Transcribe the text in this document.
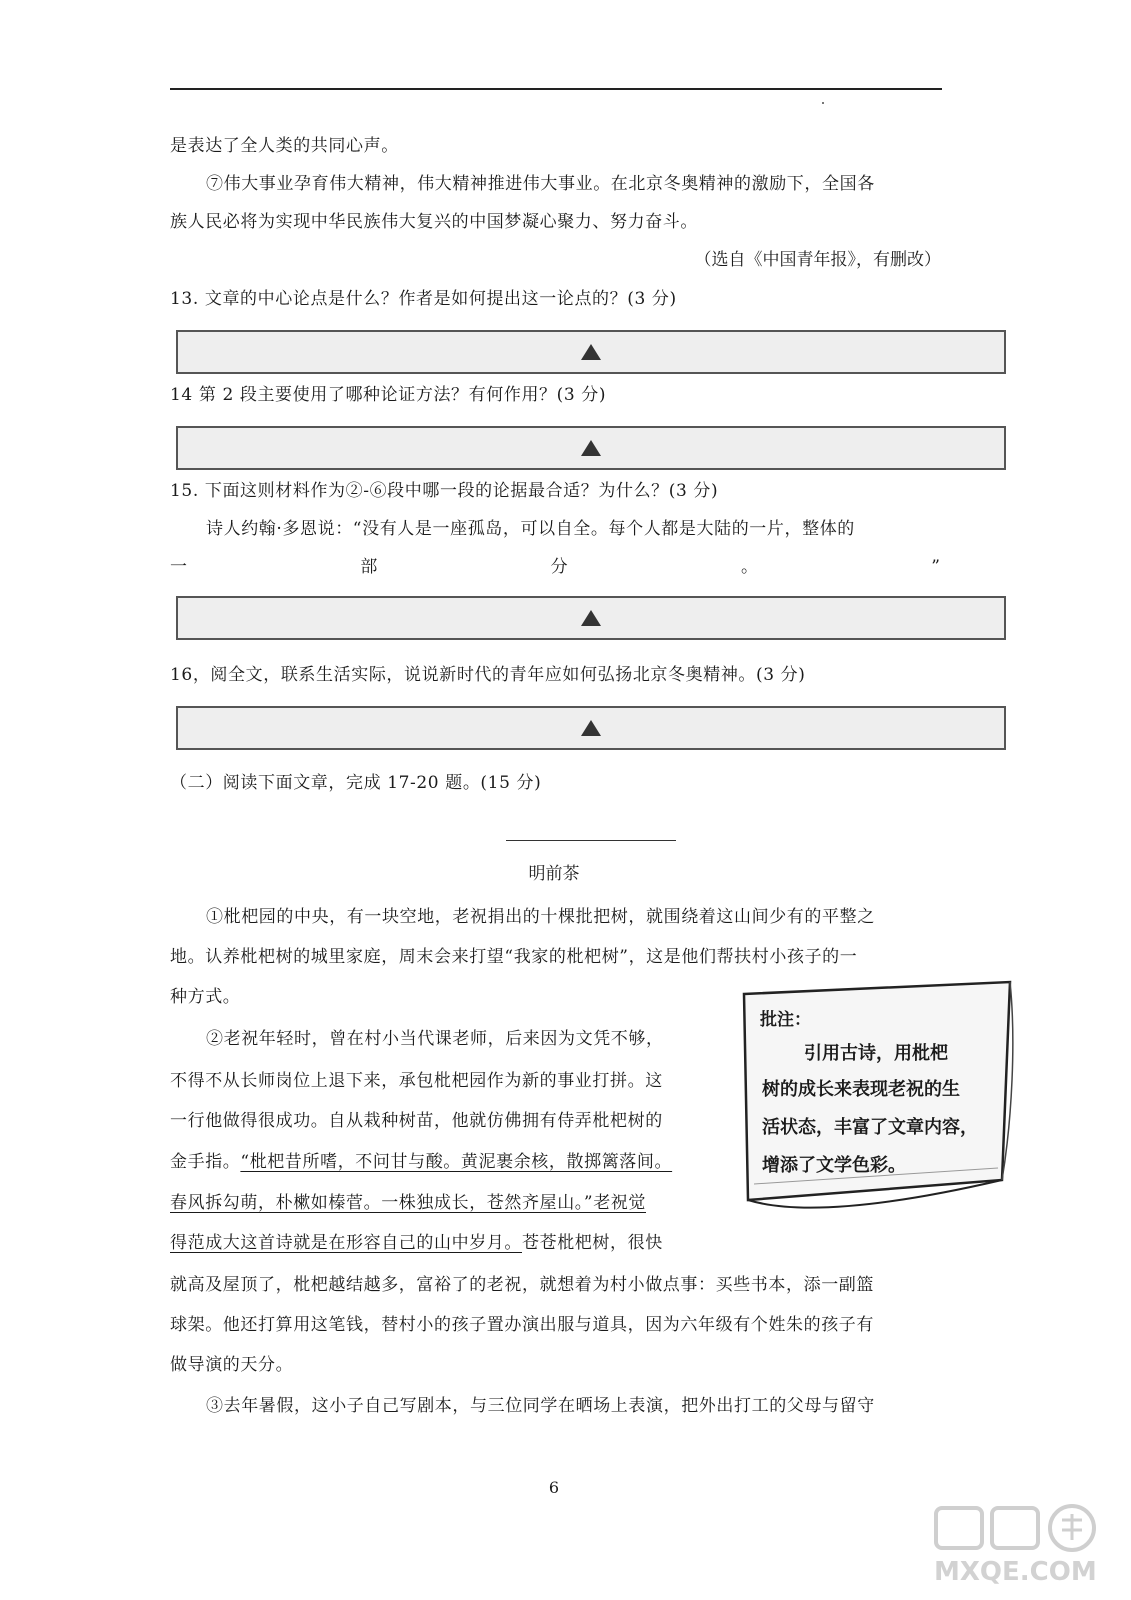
是表达了全人类的共同心声。
⑦伟大事业孕育伟大精神，伟大精神推进伟大事业。在北京冬奥精神的激励下，全国各
族人民必将为实现中华民族伟大复兴的中国梦凝心聚力、努力奋斗。
（选自《中国青年报》，有删改）
13. 文章的中心论点是什么？作者是如何提出这一论点的？(3 分)
14 第 2 段主要使用了哪种论证方法？有何作用？(3 分)
15. 下面这则材料作为②-⑥段中哪一段的论据最合适？为什么？(3 分)
诗人约翰·多恩说：“没有人是一座孤岛，可以自全。每个人都是大陆的一片，整体的
一	部	分	。	”
16，阅全文，联系生活实际，说说新时代的青年应如何弘扬北京冬奥精神。(3 分)
（二）阅读下面文章，完成 17-20 题。(15 分)
明前茶
①枇杷园的中央，有一块空地，老祝捐出的十棵批把树，就围绕着这山间少有的平整之
地。认养枇杷树的城里家庭，周末会来打望“我家的枇杷树”，这是他们帮扶村小孩子的一
种方式。
②老祝年轻时，曾在村小当代课老师，后来因为文凭不够，
不得不从长师岗位上退下来，承包枇杷园作为新的事业打拼。这
一行他做得很成功。自从栽种树苗，他就仿佛拥有侍弄枇杷树的
金手指。“枇杷昔所嗜，不问甘与酸。黄泥裹余核，散掷篱落间。
春风拆勾萌，朴樕如榛菅。一株独成长，苍然齐屋山。”老祝觉
得范成大这首诗就是在形容自己的山中岁月。苍苍枇杷树，很快
就高及屋顶了，枇杷越结越多，富裕了的老祝，就想着为村小做点事：买些书本，添一副篮
球架。他还打算用这笔钱，替村小的孩子置办演出服与道具，因为六年级有个姓朱的孩子有
做导演的天分。
③去年暑假，这小子自己写剧本，与三位同学在晒场上表演，把外出打工的父母与留守
批注：
引用古诗，用枇杷
树的成长来表现老祝的生
活状态，丰富了文章内容，
增添了文学色彩。
6
MXQE.COM
